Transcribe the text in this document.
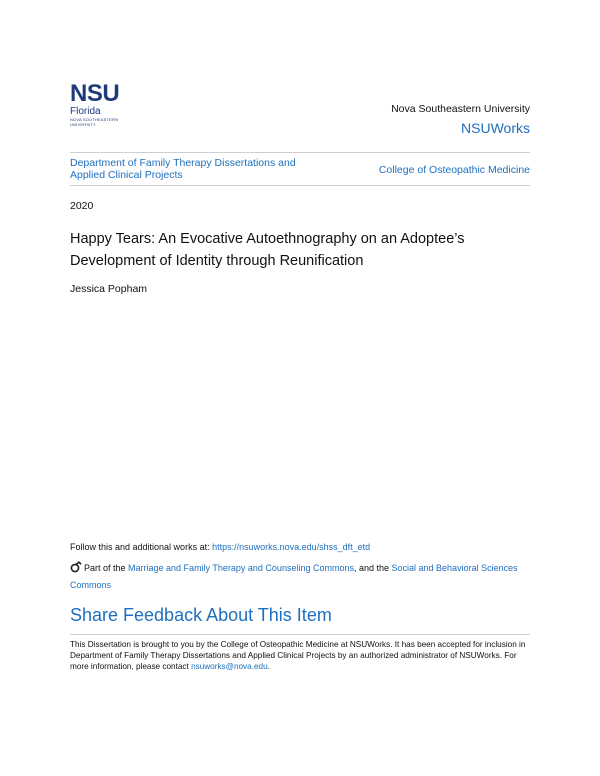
NSU
Florida
NOVA SOUTHEASTERN
UNIVERSITY
Nova Southeastern University
NSUWorks
Department of Family Therapy Dissertations and Applied Clinical Projects	College of Osteopathic Medicine
2020
Happy Tears: An Evocative Autoethnography on an Adoptee’s Development of Identity through Reunification
Jessica Popham
Follow this and additional works at: https://nsuworks.nova.edu/shss_dft_etd
Part of the Marriage and Family Therapy and Counseling Commons, and the Social and Behavioral Sciences Commons
Share Feedback About This Item
This Dissertation is brought to you by the College of Osteopathic Medicine at NSUWorks. It has been accepted for inclusion in Department of Family Therapy Dissertations and Applied Clinical Projects by an authorized administrator of NSUWorks. For more information, please contact nsuworks@nova.edu.
